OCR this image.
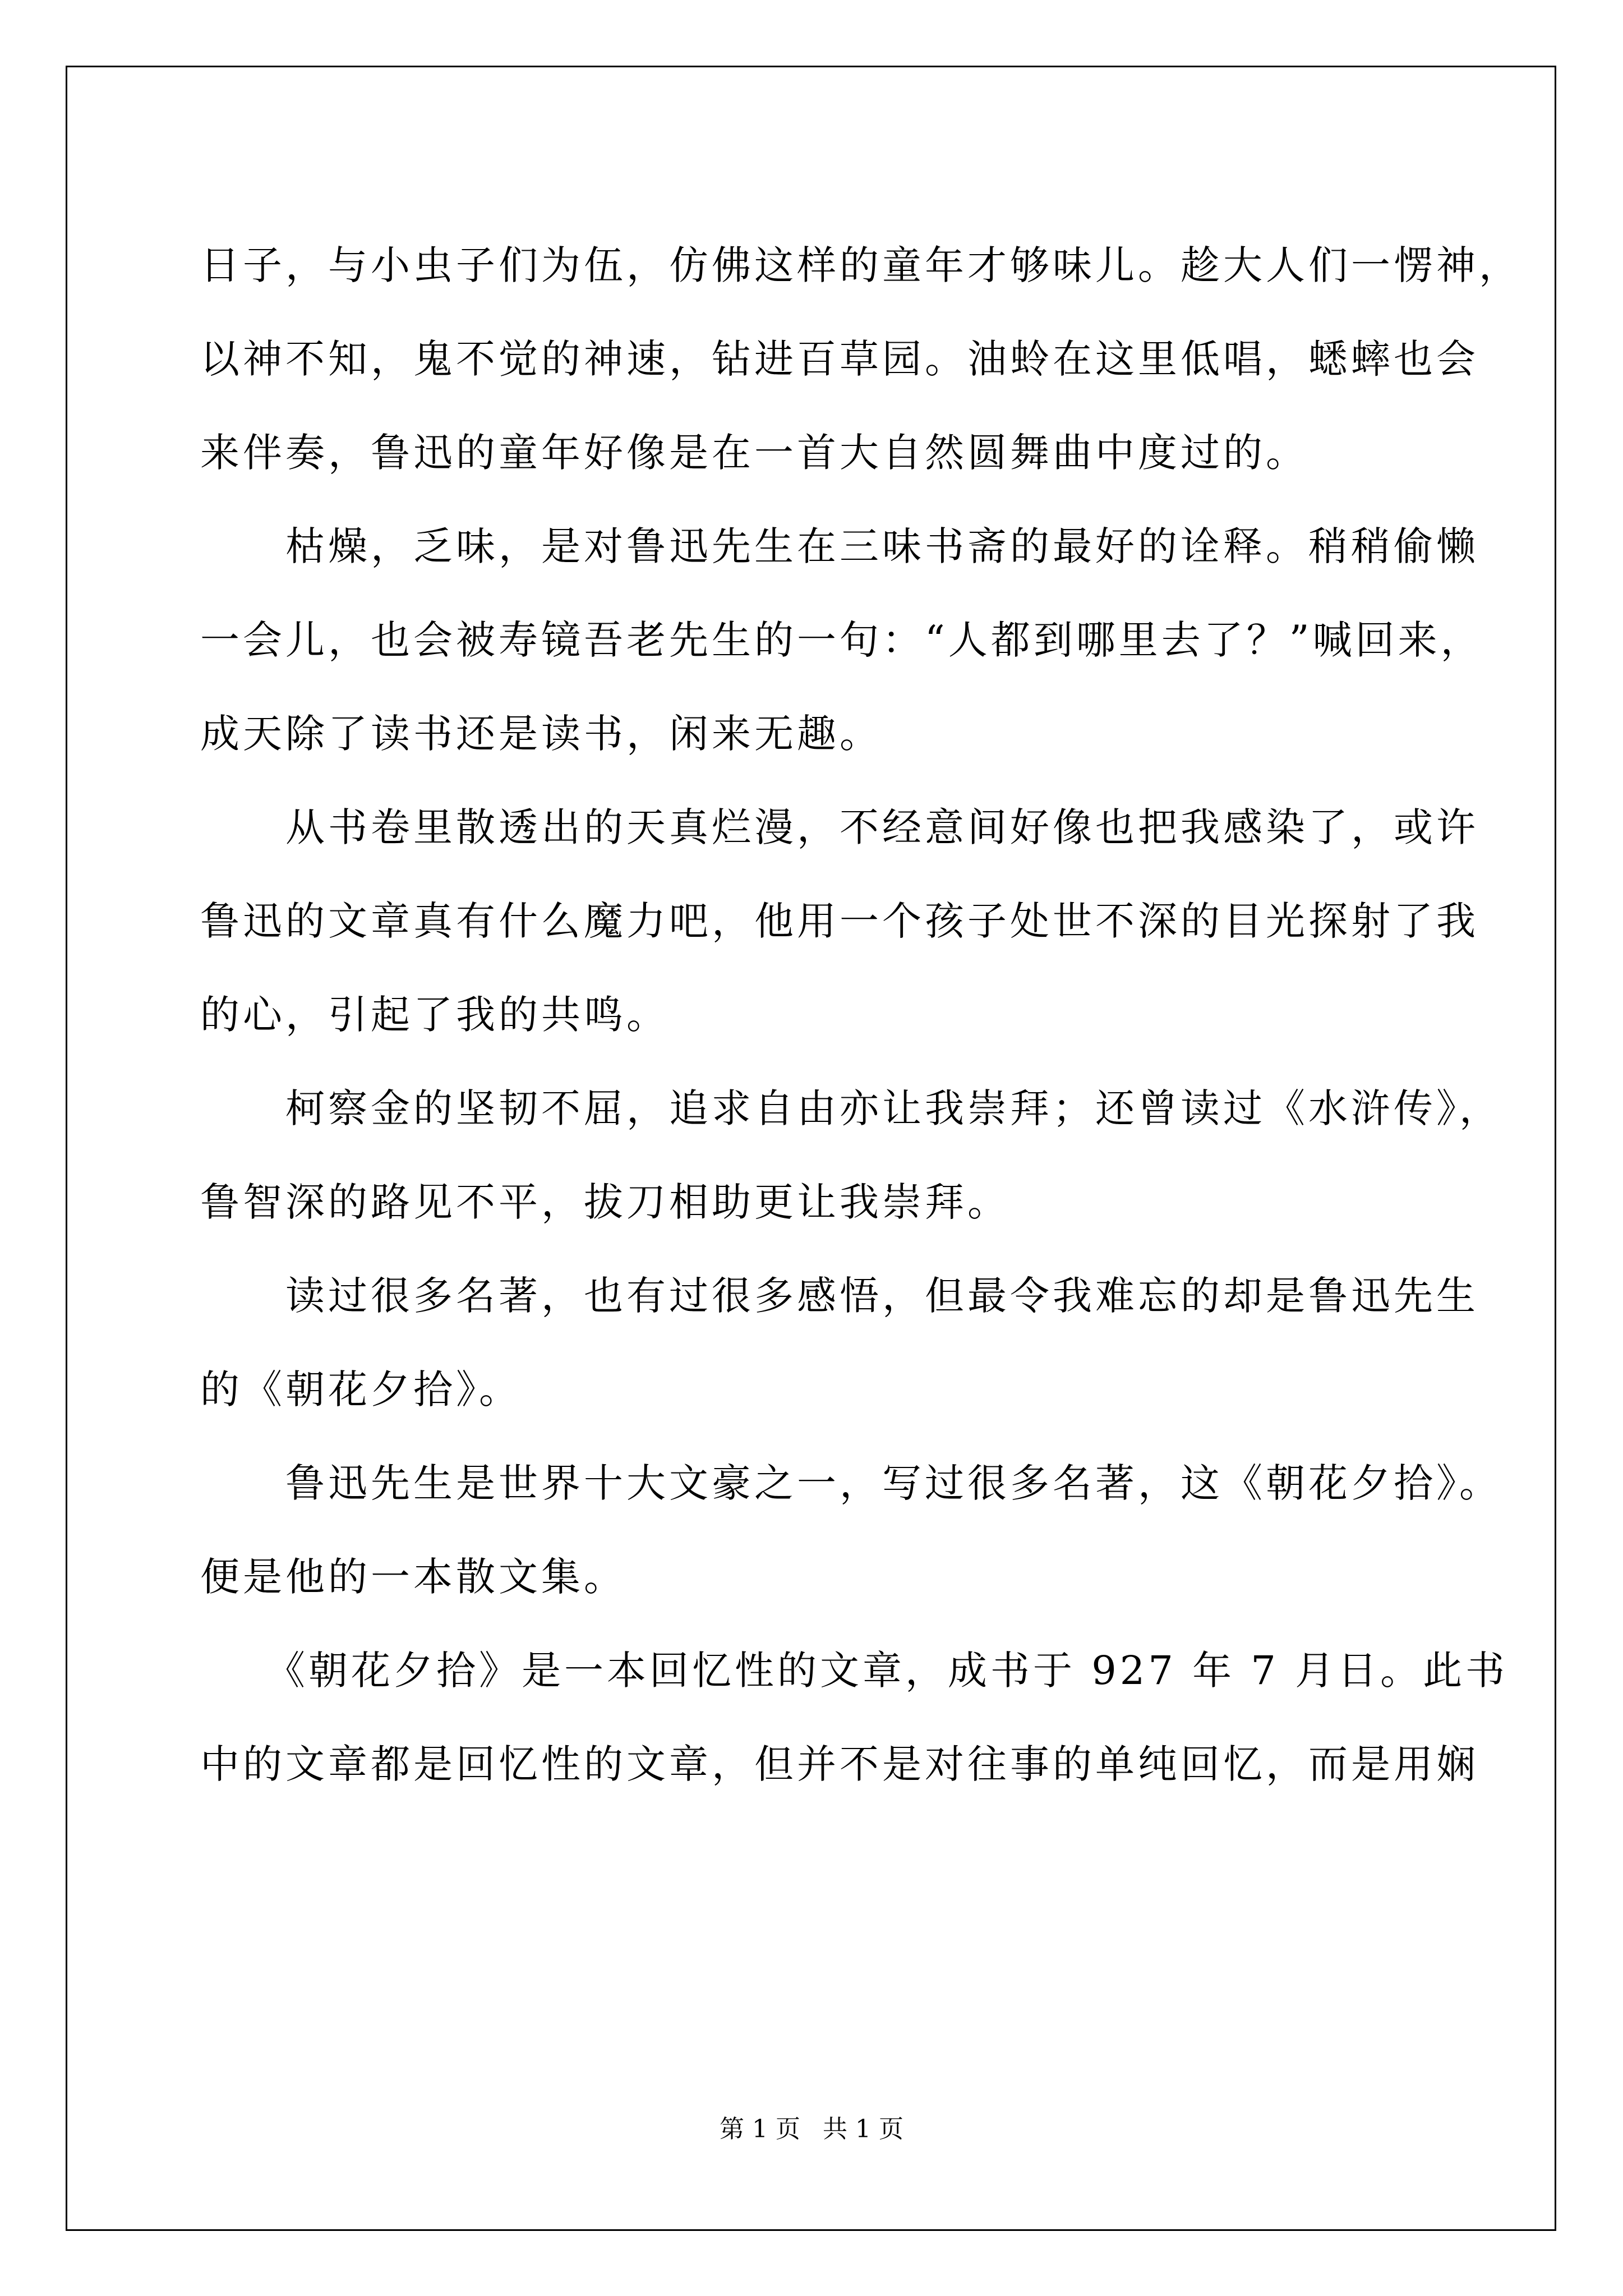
日子，与小虫子们为伍，仿佛这样的童年才够味儿。趁大人们一愣神，
以神不知，鬼不觉的神速，钻进百草园。油蛉在这里低唱，蟋蟀也会
来伴奏，鲁迅的童年好像是在一首大自然圆舞曲中度过的。
　　枯燥，乏味，是对鲁迅先生在三味书斋的最好的诠释。稍稍偷懒
一会儿，也会被寿镜吾老先生的一句：“人都到哪里去了？”喊回来，
成天除了读书还是读书，闲来无趣。
　　从书卷里散透出的天真烂漫，不经意间好像也把我感染了，或许
鲁迅的文章真有什么魔力吧，他用一个孩子处世不深的目光探射了我
的心，引起了我的共鸣。
　　柯察金的坚韧不屈，追求自由亦让我崇拜；还曾读过《水浒传》，
鲁智深的路见不平，拔刀相助更让我崇拜。
　　读过很多名著，也有过很多感悟，但最令我难忘的却是鲁迅先生
的《朝花夕拾》。
　　鲁迅先生是世界十大文豪之一，写过很多名著，这《朝花夕拾》。
便是他的一本散文集。
　　《朝花夕拾》是一本回忆性的文章，成书于 927 年 7 月日。此书
中的文章都是回忆性的文章，但并不是对往事的单纯回忆，而是用娴

第 1 页 共 1 页
